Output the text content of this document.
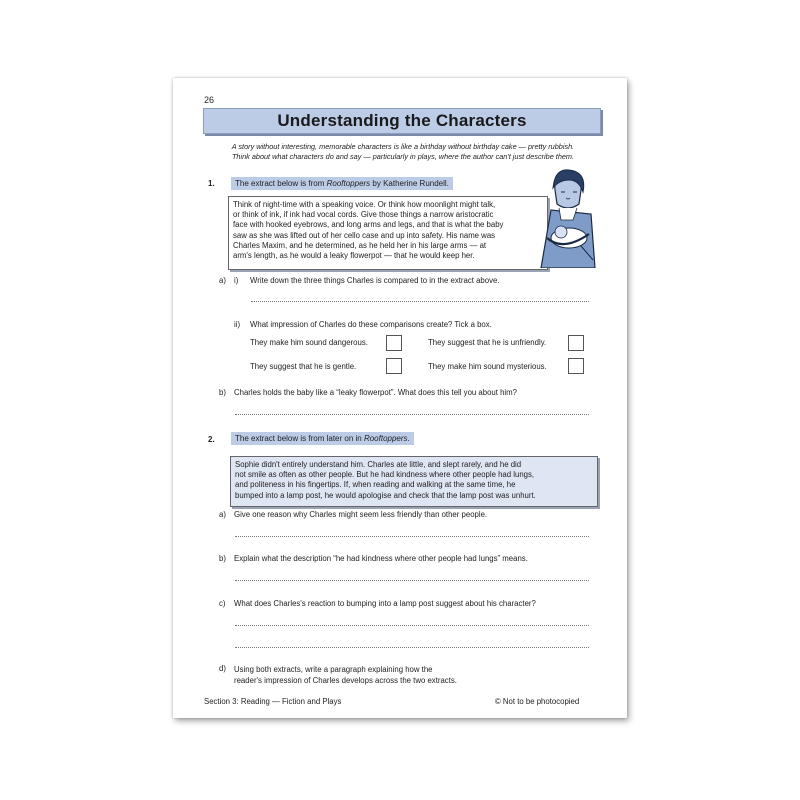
26
Understanding the Characters
A story without interesting, memorable characters is like a birthday without birthday cake — pretty rubbish.
Think about what characters do and say — particularly in plays, where the author can't just describe them.
1.	The extract below is from Rooftoppers by Katherine Rundell.
Think of night-time with a speaking voice. Or think how moonlight might talk,
or think of ink, if ink had vocal cords. Give those things a narrow aristocratic
face with hooked eyebrows, and long arms and legs, and that is what the baby
saw as she was lifted out of her cello case and up into safety. His name was
Charles Maxim, and he determined, as he held her in his large arms — at
arm's length, as he would a leaky flowerpot — that he would keep her.
a) i) Write down the three things Charles is compared to in the extract above.
ii) What impression of Charles do these comparisons create? Tick a box.
They make him sound dangerous.	They suggest that he is unfriendly.
They suggest that he is gentle.	They make him sound mysterious.
b) Charles holds the baby like a “leaky flowerpot”. What does this tell you about him?
2.	The extract below is from later on in Rooftoppers.
Sophie didn't entirely understand him. Charles ate little, and slept rarely, and he did
not smile as often as other people. But he had kindness where other people had lungs,
and politeness in his fingertips. If, when reading and walking at the same time, he
bumped into a lamp post, he would apologise and check that the lamp post was unhurt.
a) Give one reason why Charles might seem less friendly than other people.
b) Explain what the description “he had kindness where other people had lungs” means.
c) What does Charles's reaction to bumping into a lamp post suggest about his character?
d) Using both extracts, write a paragraph explaining how the
reader's impression of Charles develops across the two extracts.
Section 3: Reading — Fiction and Plays	© Not to be photocopied
